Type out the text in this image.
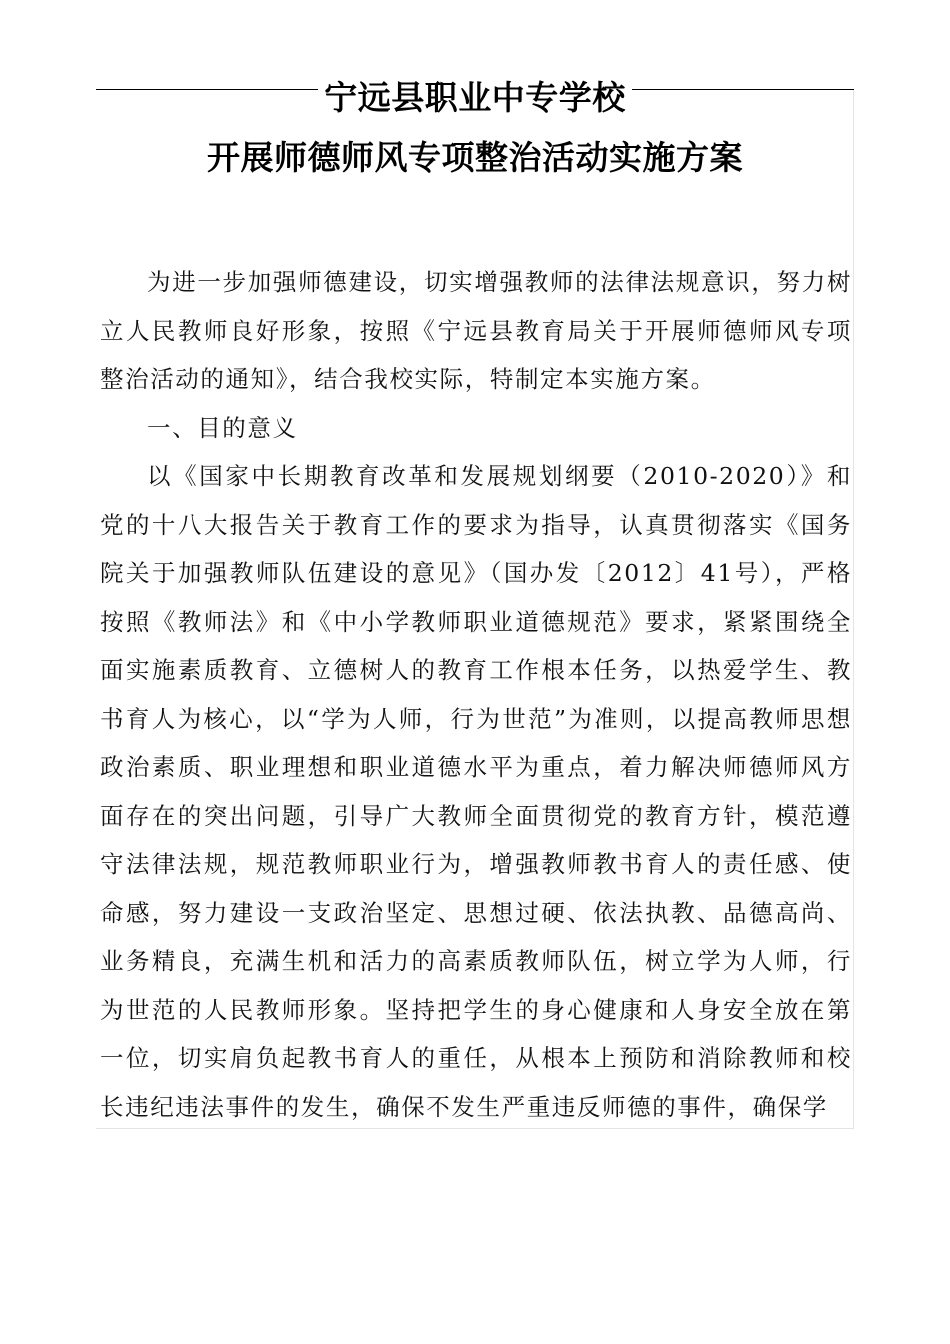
宁远县职业中专学校
开展师德师风专项整治活动实施方案

为进一步加强师德建设，切实增强教师的法律法规意识，努力树立人民教师良好形象，按照《宁远县教育局关于开展师德师风专项整治活动的通知》，结合我校实际，特制定本实施方案。

一、目的意义

以《国家中长期教育改革和发展规划纲要（2010-2020）》和党的十八大报告关于教育工作的要求为指导，认真贯彻落实《国务院关于加强教师队伍建设的意见》（国办发〔2012〕41号），严格按照《教师法》和《中小学教师职业道德规范》要求，紧紧围绕全面实施素质教育、立德树人的教育工作根本任务，以热爱学生、教书育人为核心，以“学为人师，行为世范”为准则，以提高教师思想政治素质、职业理想和职业道德水平为重点，着力解决师德师风方面存在的突出问题，引导广大教师全面贯彻党的教育方针，模范遵守法律法规，规范教师职业行为，增强教师教书育人的责任感、使命感，努力建设一支政治坚定、思想过硬、依法执教、品德高尚、业务精良，充满生机和活力的高素质教师队伍，树立学为人师，行为世范的人民教师形象。坚持把学生的身心健康和人身安全放在第一位，切实肩负起教书育人的重任，从根本上预防和消除教师和校长违纪违法事件的发生，确保不发生严重违反师德的事件，确保学
